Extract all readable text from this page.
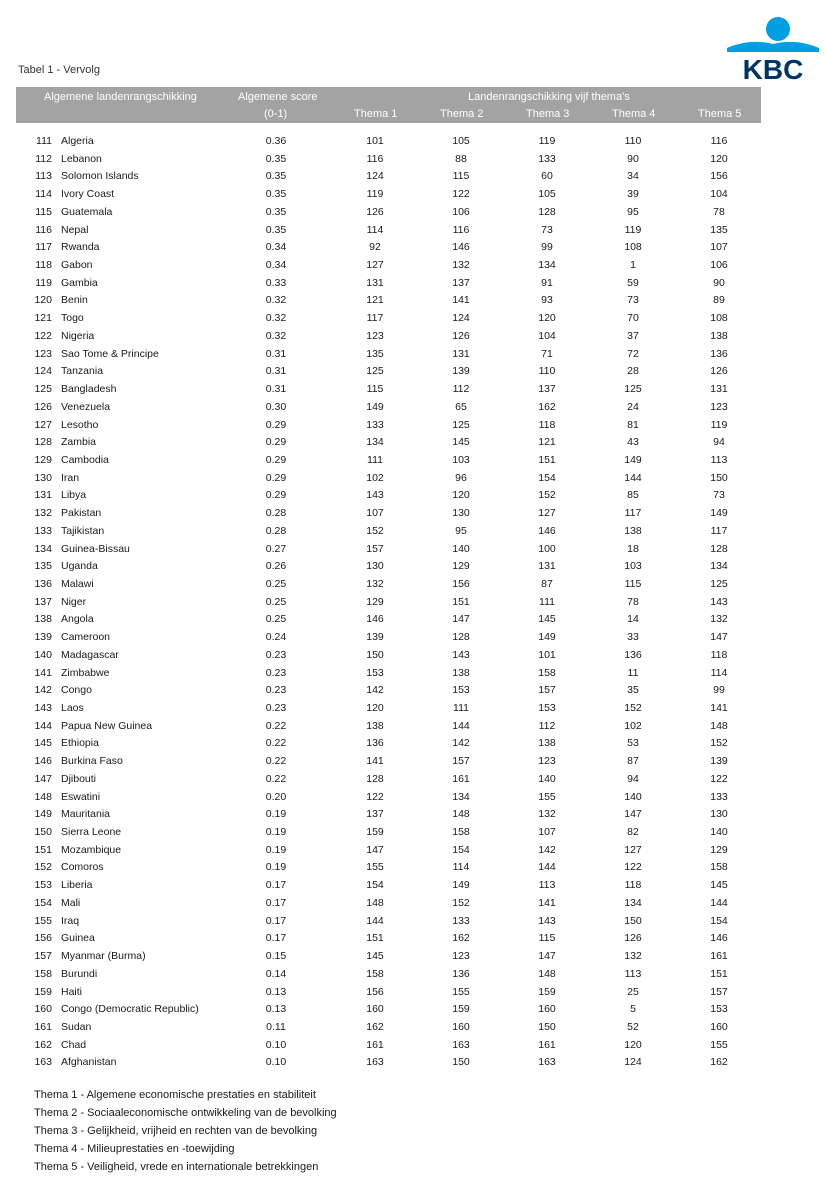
Tabel 1 - Vervolg	KBC
Algemene landenrangschikking	Algemene score
(0-1)
Landenrangschikking vijf thema's
Thema 1	Thema 2	Thema 3	Thema 4	Thema 5
111 Algeria	0.36	101	105	119	110	116
112 Lebanon	0.35	116	88	133	90	120
113 Solomon Islands	0.35	124	115	60	34	156
114 Ivory Coast	0.35	119	122	105	39	104
115 Guatemala	0.35	126	106	128	95	78
116 Nepal	0.35	114	116	73	119	135
117 Rwanda	0.34	92	146	99	108	107
118 Gabon	0.34	127	132	134	1	106
119 Gambia	0.33	131	137	91	59	90
120 Benin	0.32	121	141	93	73	89
121 Togo	0.32	117	124	120	70	108
122 Nigeria	0.32	123	126	104	37	138
123 Sao Tome & Principe	0.31	135	131	71	72	136
124 Tanzania	0.31	125	139	110	28	126
125 Bangladesh	0.31	115	112	137	125	131
126 Venezuela	0.30	149	65	162	24	123
127 Lesotho	0.29	133	125	118	81	119
128 Zambia	0.29	134	145	121	43	94
129 Cambodia	0.29	111	103	151	149	113
130 Iran	0.29	102	96	154	144	150
131 Libya	0.29	143	120	152	85	73
132 Pakistan	0.28	107	130	127	117	149
133 Tajikistan	0.28	152	95	146	138	117
134 Guinea-Bissau	0.27	157	140	100	18	128
135 Uganda	0.26	130	129	131	103	134
136 Malawi	0.25	132	156	87	115	125
137 Niger	0.25	129	151	111	78	143
138 Angola	0.25	146	147	145	14	132
139 Cameroon	0.24	139	128	149	33	147
140 Madagascar	0.23	150	143	101	136	118
141 Zimbabwe	0.23	153	138	158	11	114
142 Congo	0.23	142	153	157	35	99
143 Laos	0.23	120	111	153	152	141
144 Papua New Guinea	0.22	138	144	112	102	148
145 Ethiopia	0.22	136	142	138	53	152
146 Burkina Faso	0.22	141	157	123	87	139
147 Djibouti	0.22	128	161	140	94	122
148 Eswatini	0.20	122	134	155	140	133
149 Mauritania	0.19	137	148	132	147	130
150 Sierra Leone	0.19	159	158	107	82	140
151 Mozambique	0.19	147	154	142	127	129
152 Comoros	0.19	155	114	144	122	158
153 Liberia	0.17	154	149	113	118	145
154 Mali	0.17	148	152	141	134	144
155 Iraq	0.17	144	133	143	150	154
156 Guinea	0.17	151	162	115	126	146
157 Myanmar (Burma)	0.15	145	123	147	132	161
158 Burundi	0.14	158	136	148	113	151
159 Haiti	0.13	156	155	159	25	157
160 Congo (Democratic Republic)	0.13	160	159	160	5	153
161 Sudan	0.11	162	160	150	52	160
162 Chad	0.10	161	163	161	120	155
163 Afghanistan	0.10	163	150	163	124	162
Thema 1 - Algemene economische prestaties en stabiliteit
Thema 2 - Sociaaleconomische ontwikkeling van de bevolking
Thema 3 - Gelijkheid, vrijheid en rechten van de bevolking
Thema 4 - Milieuprestaties en -toewijding
Thema 5 - Veiligheid, vrede en internationale betrekkingen
